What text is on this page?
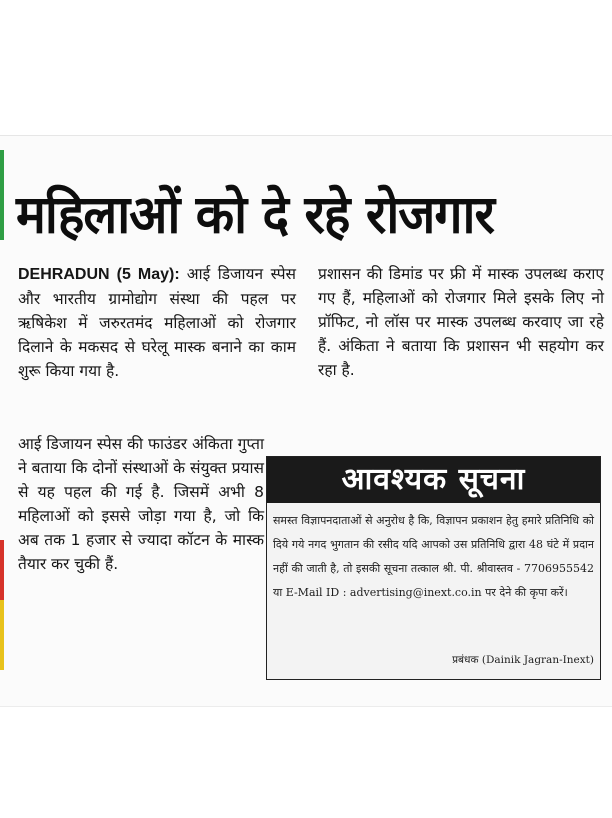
महिलाओं को दे रहे रोजगार
DEHRADUN (5 May): आई डिजायन स्पेस और भारतीय ग्रामोद्योग संस्था की पहल पर ऋषिकेश में जरुरतमंद महिलाओं को रोजगार दिलाने के मकसद से घरेलू मास्क बनाने का काम शुरू किया गया है.
आई डिजायन स्पेस की फाउंडर अंकिता गुप्ता ने बताया कि दोनों संस्थाओं के संयुक्त प्रयास से यह पहल की गई है. जिसमें अभी 8 महिलाओं को इससे जोड़ा गया है, जो कि अब तक 1 हजार से ज्यादा कॉटन के मास्क तैयार कर चुकी हैं.
प्रशासन की डिमांड पर फ्री में मास्क उपलब्ध कराए गए हैं, महिलाओं को रोजगार मिले इसके लिए नो प्रॉफिट, नो लॉस पर मास्क उपलब्ध करवाए जा रहे हैं. अंकिता ने बताया कि प्रशासन भी सहयोग कर रहा है.
आवश्यक सूचना
समस्त विज्ञापनदाताओं से अनुरोध है कि, विज्ञापन प्रकाशन हेतु हमारे प्रतिनिधि को दिये गये नगद भुगतान की रसीद यदि आपको उस प्रतिनिधि द्वारा 48 घंटे में प्रदान नहीं की जाती है, तो इसकी सूचना तत्काल श्री. पी. श्रीवास्तव - 7706955542 या E-Mail ID : advertising@inext.co.in पर देने की कृपा करें।
प्रबंधक (Dainik Jagran-Inext)
